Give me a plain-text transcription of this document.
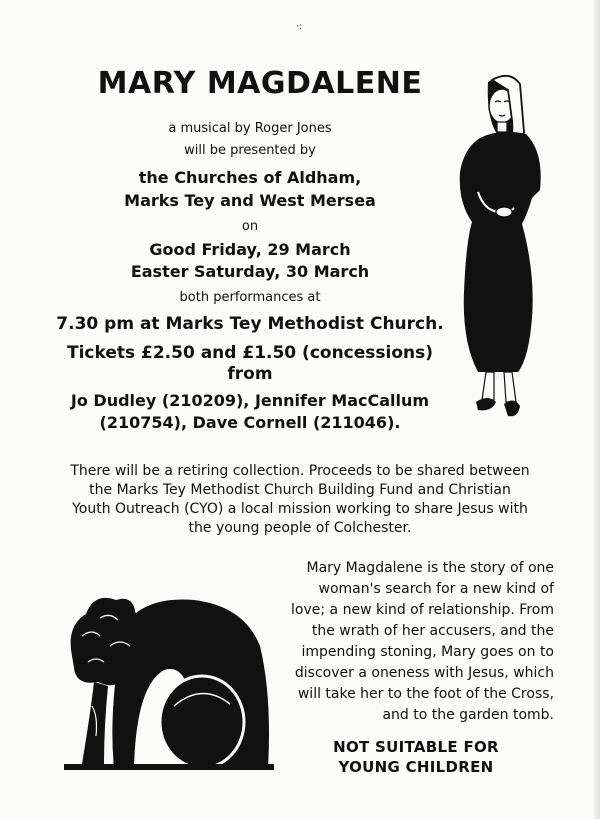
·:
MARY MAGDALENE
a musical by Roger Jones
will be presented by
the Churches of Aldham,
Marks Tey and West Mersea
on
Good Friday, 29 March
Easter Saturday, 30 March
both performances at
7.30 pm at Marks Tey Methodist Church.
Tickets £2.50 and £1.50 (concessions)
from
Jo Dudley (210209), Jennifer MacCallum
(210754), Dave Cornell (211046).
There will be a retiring collection. Proceeds to be shared between
the Marks Tey Methodist Church Building Fund and Christian
Youth Outreach (CYO) a local mission working to share Jesus with
the young people of Colchester.
Mary Magdalene is the story of one
woman's search for a new kind of
love; a new kind of relationship. From
the wrath of her accusers, and the
impending stoning, Mary goes on to
discover a oneness with Jesus, which
will take her to the foot of the Cross,
and to the garden tomb.
NOT SUITABLE FOR
YOUNG CHILDREN
